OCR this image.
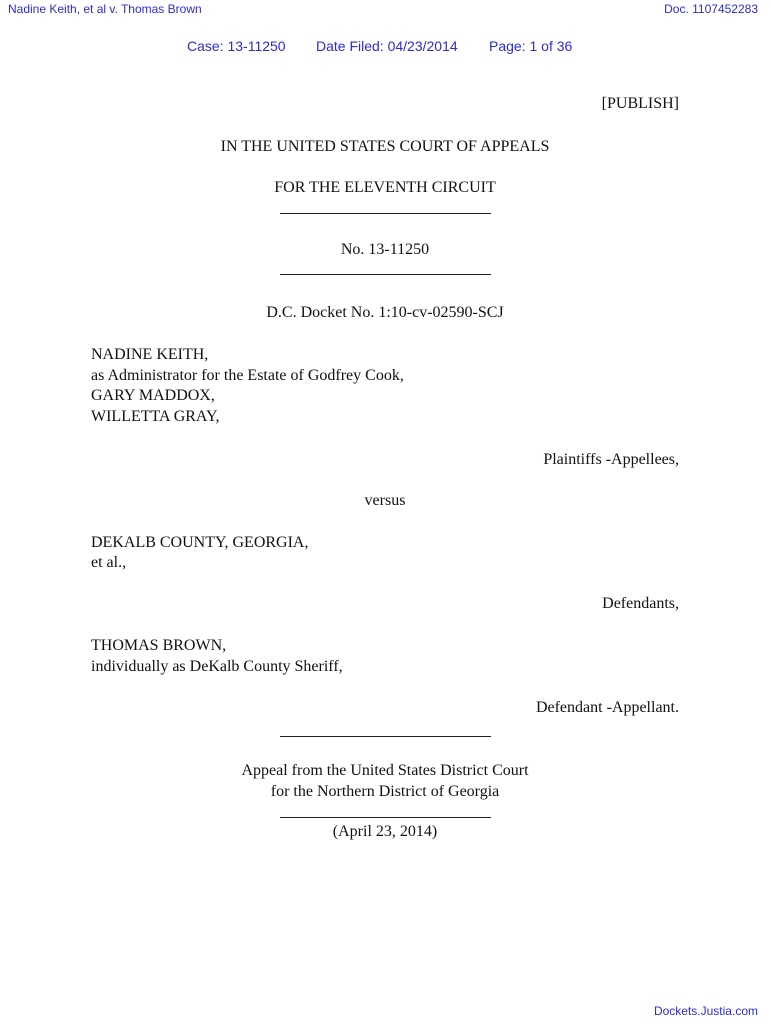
Nadine Keith, et al v. Thomas Brown	Doc. 1107452283
Case: 13-11250 Date Filed: 04/23/2014 Page: 1 of 36
[PUBLISH]
IN THE UNITED STATES COURT OF APPEALS
FOR THE ELEVENTH CIRCUIT
No. 13-11250
D.C. Docket No. 1:10-cv-02590-SCJ
NADINE KEITH,
as Administrator for the Estate of Godfrey Cook,
GARY MADDOX,
WILLETTA GRAY,
Plaintiffs -Appellees,
versus
DEKALB COUNTY, GEORGIA,
et al.,
Defendants,
THOMAS BROWN,
individually as DeKalb County Sheriff,
Defendant -Appellant.
Appeal from the United States District Court
for the Northern District of Georgia
(April 23, 2014)
Dockets.Justia.com
